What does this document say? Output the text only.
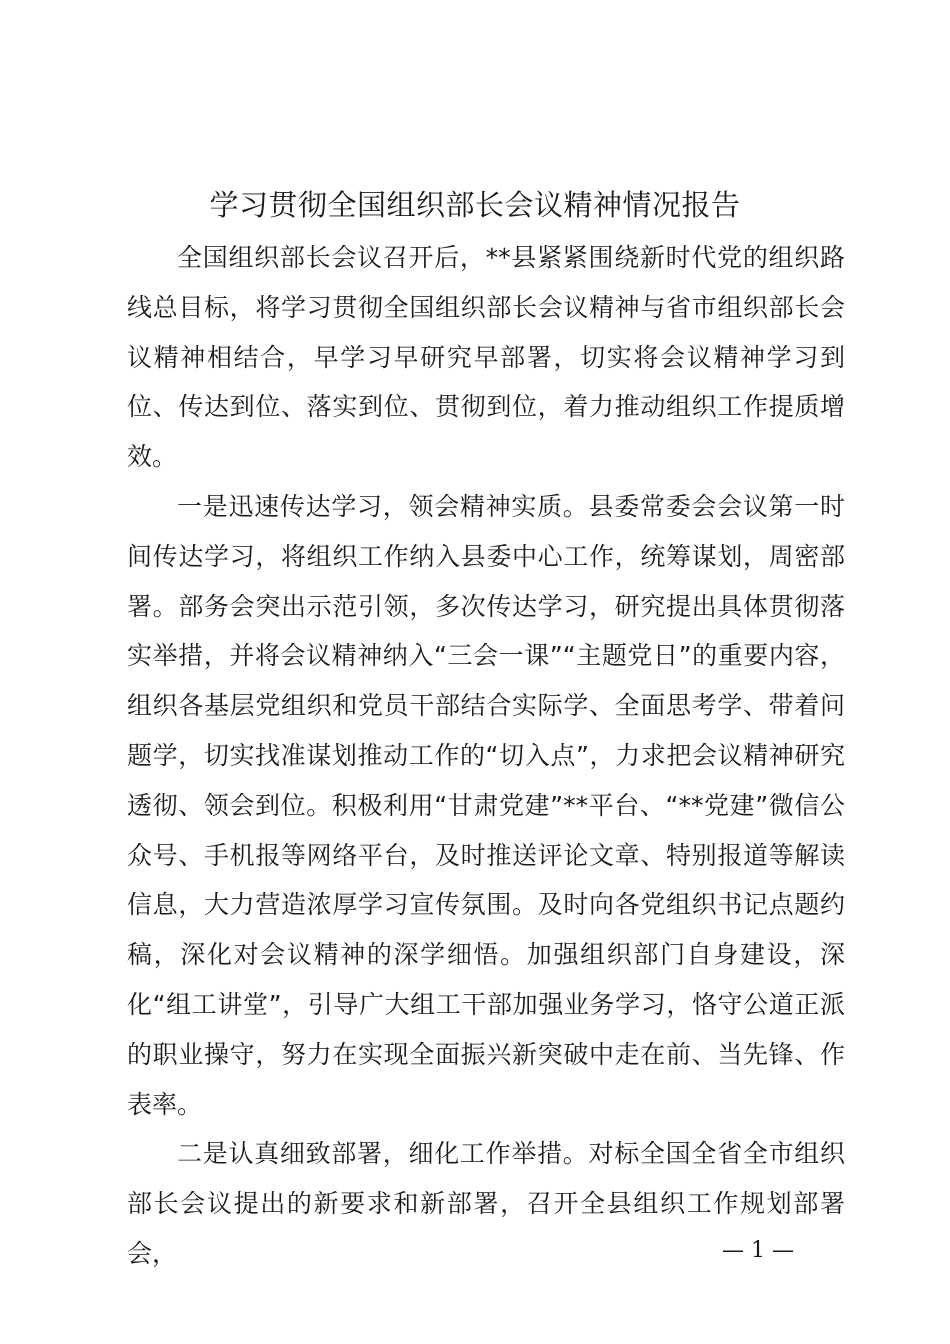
学习贯彻全国组织部长会议精神情况报告

全国组织部长会议召开后，**县紧紧围绕新时代党的组织路线总目标，将学习贯彻全国组织部长会议精神与省市组织部长会议精神相结合，早学习早研究早部署，切实将会议精神学习到位、传达到位、落实到位、贯彻到位，着力推动组织工作提质增效。

一是迅速传达学习，领会精神实质。县委常委会会议第一时间传达学习，将组织工作纳入县委中心工作，统筹谋划，周密部署。部务会突出示范引领，多次传达学习，研究提出具体贯彻落实举措，并将会议精神纳入“三会一课”“主题党日”的重要内容，组织各基层党组织和党员干部结合实际学、全面思考学、带着问题学，切实找准谋划推动工作的“切入点”，力求把会议精神研究透彻、领会到位。积极利用“甘肃党建”**平台、“**党建”微信公众号、手机报等网络平台，及时推送评论文章、特别报道等解读信息，大力营造浓厚学习宣传氛围。及时向各党组织书记点题约稿，深化对会议精神的深学细悟。加强组织部门自身建设，深化“组工讲堂”，引导广大组工干部加强业务学习，恪守公道正派的职业操守，努力在实现全面振兴新突破中走在前、当先锋、作表率。

二是认真细致部署，细化工作举措。对标全国全省全市组织部长会议提出的新要求和新部署，召开全县组织工作规划部署会，	— 1 —
